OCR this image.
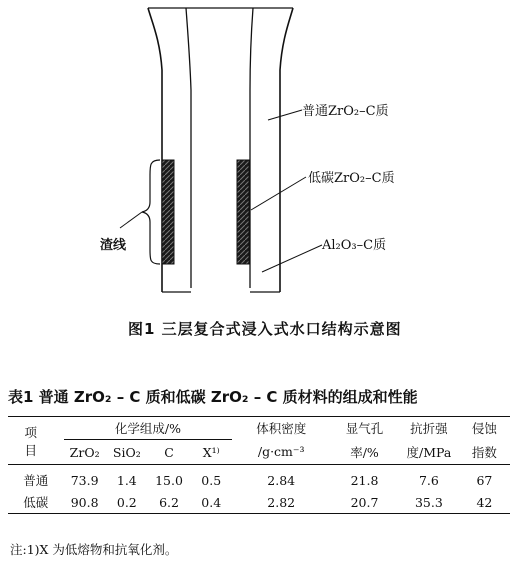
普通ZrO₂–C质
低碳ZrO₂–C质
Al₂O₃–C质
渣线
图1 三层复合式浸入式水口结构示意图
表1 普通 ZrO₂ – C 质和低碳 ZrO₂ – C 质材料的组成和性能
项 目	化学组成/%				体积密度	显气孔	抗折强	侵蚀
	ZrO₂	SiO₂	C	X¹⁾	/g·cm⁻³	率/%	度/MPa	指数
普通	73.9	1.4	15.0	0.5	2.84	21.8	7.6	67
低碳	90.8	0.2	6.2	0.4	2.82	20.7	35.3	42
注:1)X 为低熔物和抗氧化剂。
